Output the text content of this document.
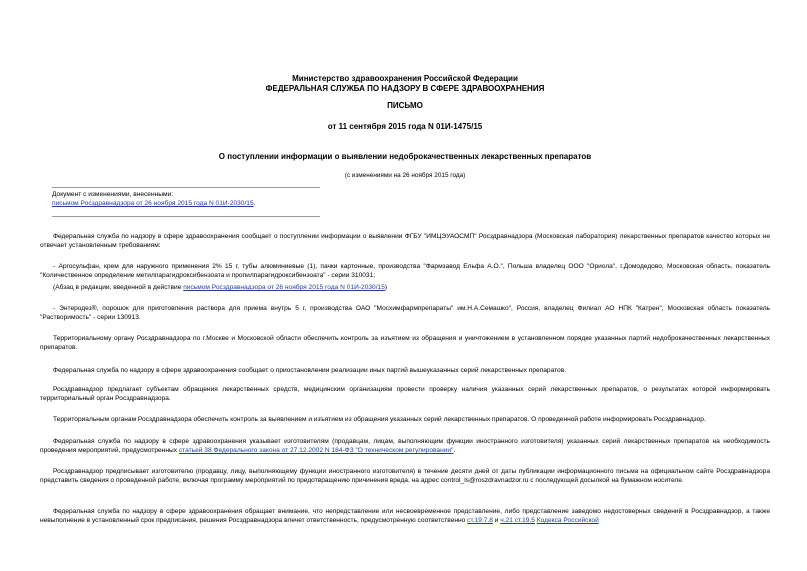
Министерство здравоохранения Российской Федерации
ФЕДЕРАЛЬНАЯ СЛУЖБА ПО НАДЗОРУ В СФЕРЕ ЗДРАВООХРАНЕНИЯ
ПИСЬМО
от 11 сентября 2015 года N 01И-1475/15
О поступлении информации о выявлении недоброкачественных лекарственных препаратов
(с изменениями на 26 ноября 2015 года)
Документ с изменениями, внесенными:
письмом Росздравнадзора от 26 ноября 2015 года N 01И-2030/15.
Федеральная служба по надзору в сфере здравоохранения сообщает о поступлении информации о выявлении ФГБУ "ИМЦЭУАОСМП" Росздравнадзора (Московская лаборатория) лекарственных препаратов качество которых не отвечает установленным требованиям:
- Аргосульфан, крем для наружного применения 2% 15 г, тубы алюминиевые (1), пачки картонные, производства "Фармзавод Ельфа А.О.", Польша владелец ООО "Ориола", г.Домодедово, Московская область, показатель "Количественное определение метилпарагидроксибензоата и пропилпарагидроксибензоата" - серии 310031;
(Абзац в редакции, введенной в действие письмом Росздравнадзора от 26 ноября 2015 года N 01И-2030/15)
- Энтеродез®, порошок для приготовления раствора для приема внутрь 5 г, производства ОАО "Мосхимфармпрепараты" им.Н.А.Семашко", Россия, владелец Филиал АО НПК "Катрен", Московская область показатель "Растворимость" - серии 130913.
Территориальному органу Росздравнадзора по г.Москве и Московской области обеспечить контроль за изъятием из обращения и уничтожением в установленном порядке указанных партий недоброкачественных лекарственных препаратов.
Федеральная служба по надзору в сфере здравоохранения сообщает о приостановлении реализации иных партий вышеуказанных серий лекарственных препаратов.
Росздравнадзор предлагает субъектам обращения лекарственных средств, медицинским организациям провести проверку наличия указанных серий лекарственных препаратов, о результатах которой информировать территориальный орган Росздравнадзора.
Территориальным органам Росздравнадзора обеспечить контроль за выявлением и изъятием из обращения указанных серий лекарственных препаратов. О проведенной работе информировать Росздравнадзор.
Федеральная служба по надзору в сфере здравоохранения указывает изготовителям (продавцам, лицам, выполняющим функции иностранного изготовителя) указанных серий лекарственных препаратов на необходимость проведения мероприятий, предусмотренных статьей 38 Федерального закона от 27.12.2002 N 184-ФЗ "О техническом регулировании".
Росздравнадзор предписывает изготовителю (продавцу, лицу, выполняющему функции иностранного изготовителя) в течение десяти дней от даты публикации информационного письма на официальном сайте Росздравнадзора представить сведения о проведенной работе, включая программу мероприятий по предотвращению причинения вреда, на адрес control_ls@roszdravnadzor.ru с последующей досылкой на бумажном носителе.
Федеральная служба по надзору в сфере здравоохранения обращает внимание, что непредставление или несвоевременное представление, либо представление заведомо недостоверных сведений в Росздравнадзор, а также невыполнение в установленный срок предписания, решения Росздравнадзора влечет ответственность, предусмотренную соответственно ст.19.7.8 и ч.21 ст.19.5 Кодекса Российской
